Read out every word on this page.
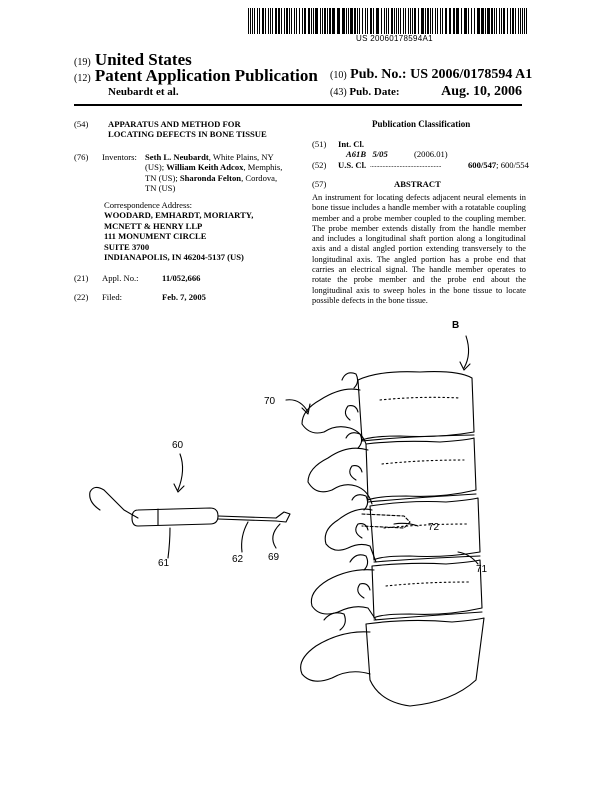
US 20060178594A1
(19) United States
(12) Patent Application Publication
Neubardt et al.
(10) Pub. No.: US 2006/0178594 A1
(43) Pub. Date:	Aug. 10, 2006
(54) APPARATUS AND METHOD FOR
LOCATING DEFECTS IN BONE TISSUE
(76) Inventors: Seth L. Neubardt, White Plains, NY
(US); William Keith Adcox, Memphis,
TN (US); Sharonda Felton, Cordova,
TN (US)
Correspondence Address:
WOODARD, EMHARDT, MORIARTY,
MCNETT & HENRY LLP
111 MONUMENT CIRCLE
SUITE 3700
INDIANAPOLIS, IN 46204-5137 (US)
(21) Appl. No.:	11/052,666
(22) Filed:	Feb. 7, 2005
Publication Classification
(51) Int. Cl.
A61B   5/05	(2006.01)
(52) U.S. Cl. ..............................................	600/547; 600/554
(57)	ABSTRACT
An instrument for locating defects adjacent neural elements in bone tissue includes a handle member with a rotatable coupling member and a probe member coupled to the coupling member. The probe member extends distally from the handle member and includes a longitudinal shaft portion along a longitudinal axis and a distal angled portion extending transversely to the longitudinal axis. The angled portion has a probe end that carries an electrical signal. The handle member operates to rotate the probe member and the probe end about the longitudinal axis to sweep holes in the bone tissue to locate possible defects in the bone tissue.
B
70
60
72
69
61	62
71
